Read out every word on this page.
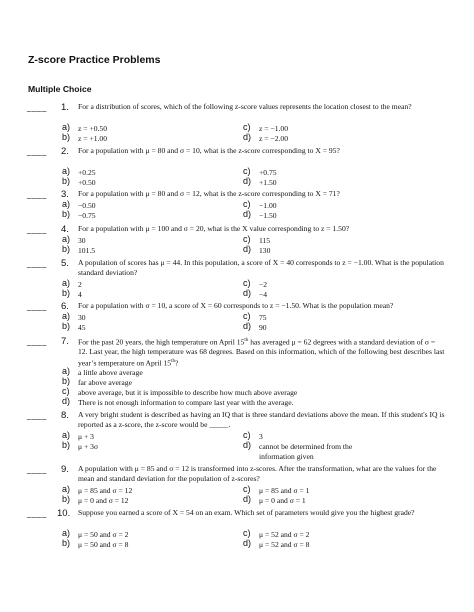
Z-score Practice Problems
Multiple Choice
____ 1. For a distribution of scores, which of the following z-score values represents the location closest to the mean?
a) z = +0.50	c) z = −1.00
b) z = +1.00	d) z = −2.00
____ 2. For a population with μ = 80 and σ = 10, what is the z-score corresponding to X = 95?
a) +0.25	c) +0.75
b) +0.50	d) +1.50
____ 3. For a population with μ = 80 and σ = 12, what is the z-score corresponding to X = 71?
a) −0.50	c) −1.00
b) −0.75	d) −1.50
____ 4. For a population with μ = 100 and σ = 20, what is the X value corresponding to z = 1.50?
a) 30	c) 115
b) 101.5	d) 130
____ 5. A population of scores has μ = 44. In this population, a score of X = 40 corresponds to z = −1.00. What is the population standard deviation?
a) 2	c) −2
b) 4	d) −4
____ 6. For a population with σ = 10, a score of X = 60 corresponds to z = −1.50. What is the population mean?
a) 30	c) 75
b) 45	d) 90
____ 7. For the past 20 years, the high temperature on April 15th has averaged μ = 62 degrees with a standard deviation of σ = 12. Last year, the high temperature was 68 degrees. Based on this information, which of the following best describes last year’s temperature on April 15th?
a) a little above average
b) far above average
c) above average, but it is impossible to describe how much above average
d) There is not enough information to compare last year with the average.
____ 8. A very bright student is described as having an IQ that is three standard deviations above the mean. If this student's IQ is reported as a z-score, the z-score would be _____.
a) μ + 3	c) 3
b) μ + 3σ	d) cannot be determined from the information given
____ 9. A population with μ = 85 and σ = 12 is transformed into z-scores. After the transformation, what are the values for the mean and standard deviation for the population of z-scores?
a) μ = 85 and σ = 12	c) μ = 85 and σ = 1
b) μ = 0 and σ = 12	d) μ = 0 and σ = 1
____ 10. Suppose you earned a score of X = 54 on an exam. Which set of parameters would give you the highest grade?
a) μ = 50 and σ = 2	c) μ = 52 and σ = 2
b) μ = 50 and σ = 8	d) μ = 52 and σ = 8
